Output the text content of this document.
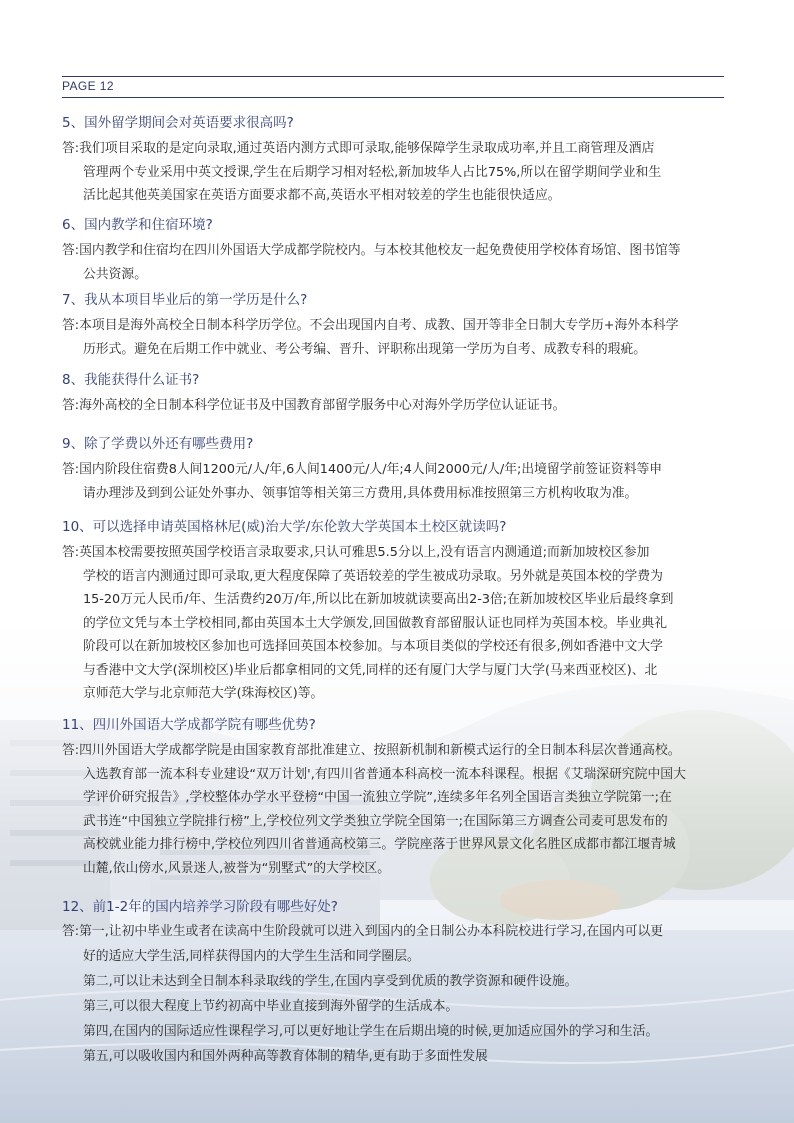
PAGE 12

5、国外留学期间会对英语要求很高吗?

答:我们项目采取的是定向录取,通过英语内测方式即可录取,能够保障学生录取成功率,并且工商管理及酒店
管理两个专业采用中英文授课,学生在后期学习相对轻松,新加坡华人占比75%,所以在留学期间学业和生
活比起其他英美国家在英语方面要求都不高,英语水平相对较差的学生也能很快适应。

6、国内教学和住宿环境?

答:国内教学和住宿均在四川外国语大学成都学院校内。与本校其他校友一起免费使用学校体育场馆、图书馆等
公共资源。

7、我从本项目毕业后的第一学历是什么?

答:本项目是海外高校全日制本科学历学位。不会出现国内自考、成教、国开等非全日制大专学历+海外本科学
历形式。避免在后期工作中就业、考公考编、晋升、评职称出现第一学历为自考、成教专科的瑕疵。

8、我能获得什么证书?

答:海外高校的全日制本科学位证书及中国教育部留学服务中心对海外学历学位认证证书。

9、除了学费以外还有哪些费用?

答:国内阶段住宿费8人间1200元/人/年,6人间1400元/人/年;4人间2000元/人/年;出境留学前签证资料等申
请办理涉及到到公证处外事办、领事馆等相关第三方费用,具体费用标准按照第三方机构收取为准。

10、可以选择申请英国格林尼(威)治大学/东伦敦大学英国本土校区就读吗?

答:英国本校需要按照英国学校语言录取要求,只认可雅思5.5分以上,没有语言内测通道;而新加坡校区参加
学校的语言内测通过即可录取,更大程度保障了英语较差的学生被成功录取。另外就是英国本校的学费为
15-20万元人民币/年、生活费约20万/年,所以比在新加坡就读要高出2-3倍;在新加坡校区毕业后最终拿到
的学位文凭与本土学校相同,都由英国本土大学颁发,回国做教育部留服认证也同样为英国本校。毕业典礼
阶段可以在新加坡校区参加也可选择回英国本校参加。与本项目类似的学校还有很多,例如香港中文大学
与香港中文大学(深圳校区)毕业后都拿相同的文凭,同样的还有厦门大学与厦门大学(马来西亚校区)、北
京师范大学与北京师范大学(珠海校区)等。

11、四川外国语大学成都学院有哪些优势?

答:四川外国语大学成都学院是由国家教育部批准建立、按照新机制和新模式运行的全日制本科层次普通高校。
入选教育部一流本科专业建设“双万计划',有四川省普通本科高校一流本科课程。根据《艾瑞深研究院中国大
学评价研究报告》,学校整体办学水平登榜“中国一流独立学院”,连续多年名列全国语言类独立学院第一;在
武书连“中国独立学院排行榜”上,学校位列文学类独立学院全国第一;在国际第三方调查公司麦可思发布的
高校就业能力排行榜中,学校位列四川省普通高校第三。学院座落于世界风景文化名胜区成都市都江堰青城
山麓,依山傍水,风景迷人,被誉为“别墅式”的大学校区。

12、前1-2年的国内培养学习阶段有哪些好处?

答:第一,让初中毕业生或者在读高中生阶段就可以进入到国内的全日制公办本科院校进行学习,在国内可以更
好的适应大学生活,同样获得国内的大学生生活和同学圈层。
第二,可以让未达到全日制本科录取线的学生,在国内享受到优质的教学资源和硬件设施。
第三,可以很大程度上节约初高中毕业直接到海外留学的生活成本。
第四,在国内的国际适应性课程学习,可以更好地让学生在后期出境的时候,更加适应国外的学习和生活。
第五,可以吸收国内和国外两种高等教育体制的精华,更有助于多面性发展
